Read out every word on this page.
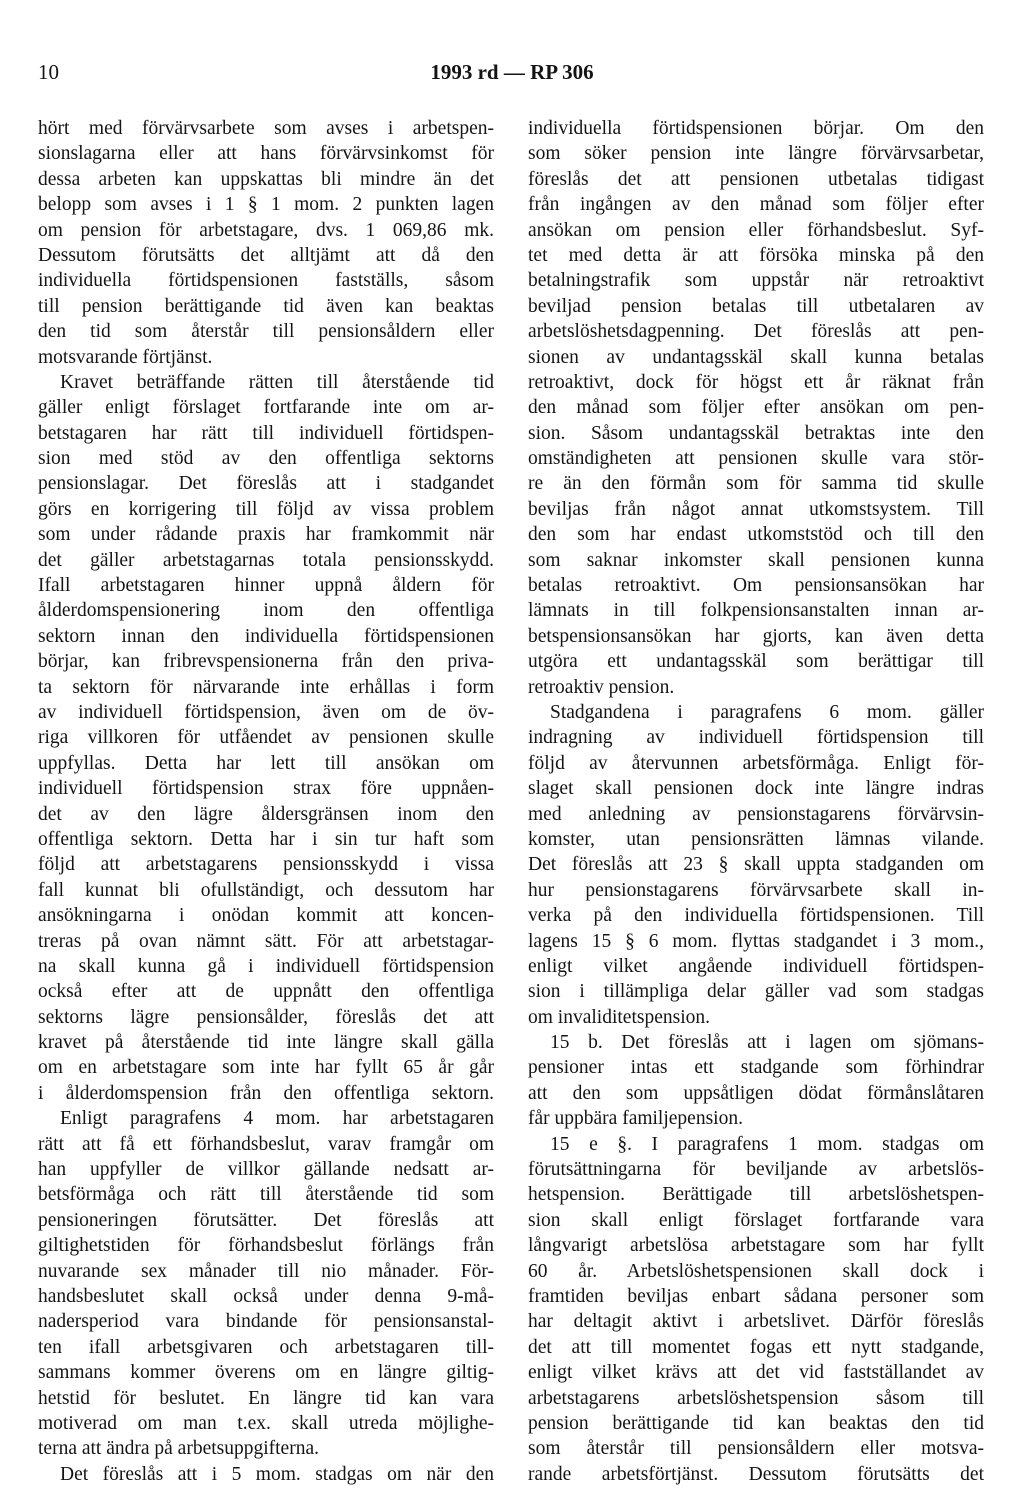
10	1993 rd — RP 306
hört med förvärvsarbete som avses i arbetspen-
sionslagarna eller att hans förvärvsinkomst för
dessa arbeten kan uppskattas bli mindre än det
belopp som avses i 1 § 1 mom. 2 punkten lagen
om pension för arbetstagare, dvs. 1 069,86 mk.
Dessutom förutsätts det alltjämt att då den
individuella förtidspensionen fastställs, såsom
till pension berättigande tid även kan beaktas
den tid som återstår till pensionsåldern eller
motsvarande förtjänst.
Kravet beträffande rätten till återstående tid
gäller enligt förslaget fortfarande inte om ar-
betstagaren har rätt till individuell förtidspen-
sion med stöd av den offentliga sektorns
pensionslagar. Det föreslås att i stadgandet
görs en korrigering till följd av vissa problem
som under rådande praxis har framkommit när
det gäller arbetstagarnas totala pensionsskydd.
Ifall arbetstagaren hinner uppnå åldern för
ålderdomspensionering inom den offentliga
sektorn innan den individuella förtidspensionen
börjar, kan fribrevspensionerna från den priva-
ta sektorn för närvarande inte erhållas i form
av individuell förtidspension, även om de öv-
riga villkoren för utfåendet av pensionen skulle
uppfyllas. Detta har lett till ansökan om
individuell förtidspension strax före uppnåen-
det av den lägre åldersgränsen inom den
offentliga sektorn. Detta har i sin tur haft som
följd att arbetstagarens pensionsskydd i vissa
fall kunnat bli ofullständigt, och dessutom har
ansökningarna i onödan kommit att koncen-
treras på ovan nämnt sätt. För att arbetstagar-
na skall kunna gå i individuell förtidspension
också efter att de uppnått den offentliga
sektorns lägre pensionsålder, föreslås det att
kravet på återstående tid inte längre skall gälla
om en arbetstagare som inte har fyllt 65 år går
i ålderdomspension från den offentliga sektorn.
Enligt paragrafens 4 mom. har arbetstagaren
rätt att få ett förhandsbeslut, varav framgår om
han uppfyller de villkor gällande nedsatt ar-
betsförmåga och rätt till återstående tid som
pensioneringen förutsätter. Det föreslås att
giltighetstiden för förhandsbeslut förlängs från
nuvarande sex månader till nio månader. För-
handsbeslutet skall också under denna 9-må-
nadersperiod vara bindande för pensionsanstal-
ten ifall arbetsgivaren och arbetstagaren till-
sammans kommer överens om en längre giltig-
hetstid för beslutet. En längre tid kan vara
motiverad om man t.ex. skall utreda möjlighe-
terna att ändra på arbetsuppgifterna.
Det föreslås att i 5 mom. stadgas om när den
individuella förtidspensionen börjar. Om den
som söker pension inte längre förvärvsarbetar,
föreslås det att pensionen utbetalas tidigast
från ingången av den månad som följer efter
ansökan om pension eller förhandsbeslut. Syf-
tet med detta är att försöka minska på den
betalningstrafik som uppstår när retroaktivt
beviljad pension betalas till utbetalaren av
arbetslöshetsdagpenning. Det föreslås att pen-
sionen av undantagsskäl skall kunna betalas
retroaktivt, dock för högst ett år räknat från
den månad som följer efter ansökan om pen-
sion. Såsom undantagsskäl betraktas inte den
omständigheten att pensionen skulle vara stör-
re än den förmån som för samma tid skulle
beviljas från något annat utkomstsystem. Till
den som har endast utkomststöd och till den
som saknar inkomster skall pensionen kunna
betalas retroaktivt. Om pensionsansökan har
lämnats in till folkpensionsanstalten innan ar-
betspensionsansökan har gjorts, kan även detta
utgöra ett undantagsskäl som berättigar till
retroaktiv pension.
Stadgandena i paragrafens 6 mom. gäller
indragning av individuell förtidspension till
följd av återvunnen arbetsförmåga. Enligt för-
slaget skall pensionen dock inte längre indras
med anledning av pensionstagarens förvärvsin-
komster, utan pensionsrätten lämnas vilande.
Det föreslås att 23 § skall uppta stadganden om
hur pensionstagarens förvärvsarbete skall in-
verka på den individuella förtidspensionen. Till
lagens 15 § 6 mom. flyttas stadgandet i 3 mom.,
enligt vilket angående individuell förtidspen-
sion i tillämpliga delar gäller vad som stadgas
om invaliditetspension.
15 b. Det föreslås att i lagen om sjömans-
pensioner intas ett stadgande som förhindrar
att den som uppsåtligen dödat förmånslåtaren
får uppbära familjepension.
15 e §. I paragrafens 1 mom. stadgas om
förutsättningarna för beviljande av arbetslös-
hetspension. Berättigade till arbetslöshetspen-
sion skall enligt förslaget fortfarande vara
långvarigt arbetslösa arbetstagare som har fyllt
60 år. Arbetslöshetspensionen skall dock i
framtiden beviljas enbart sådana personer som
har deltagit aktivt i arbetslivet. Därför föreslås
det att till momentet fogas ett nytt stadgande,
enligt vilket krävs att det vid fastställandet av
arbetstagarens arbetslöshetspension såsom till
pension berättigande tid kan beaktas den tid
som återstår till pensionsåldern eller motsva-
rande arbetsförtjänst. Dessutom förutsätts det
